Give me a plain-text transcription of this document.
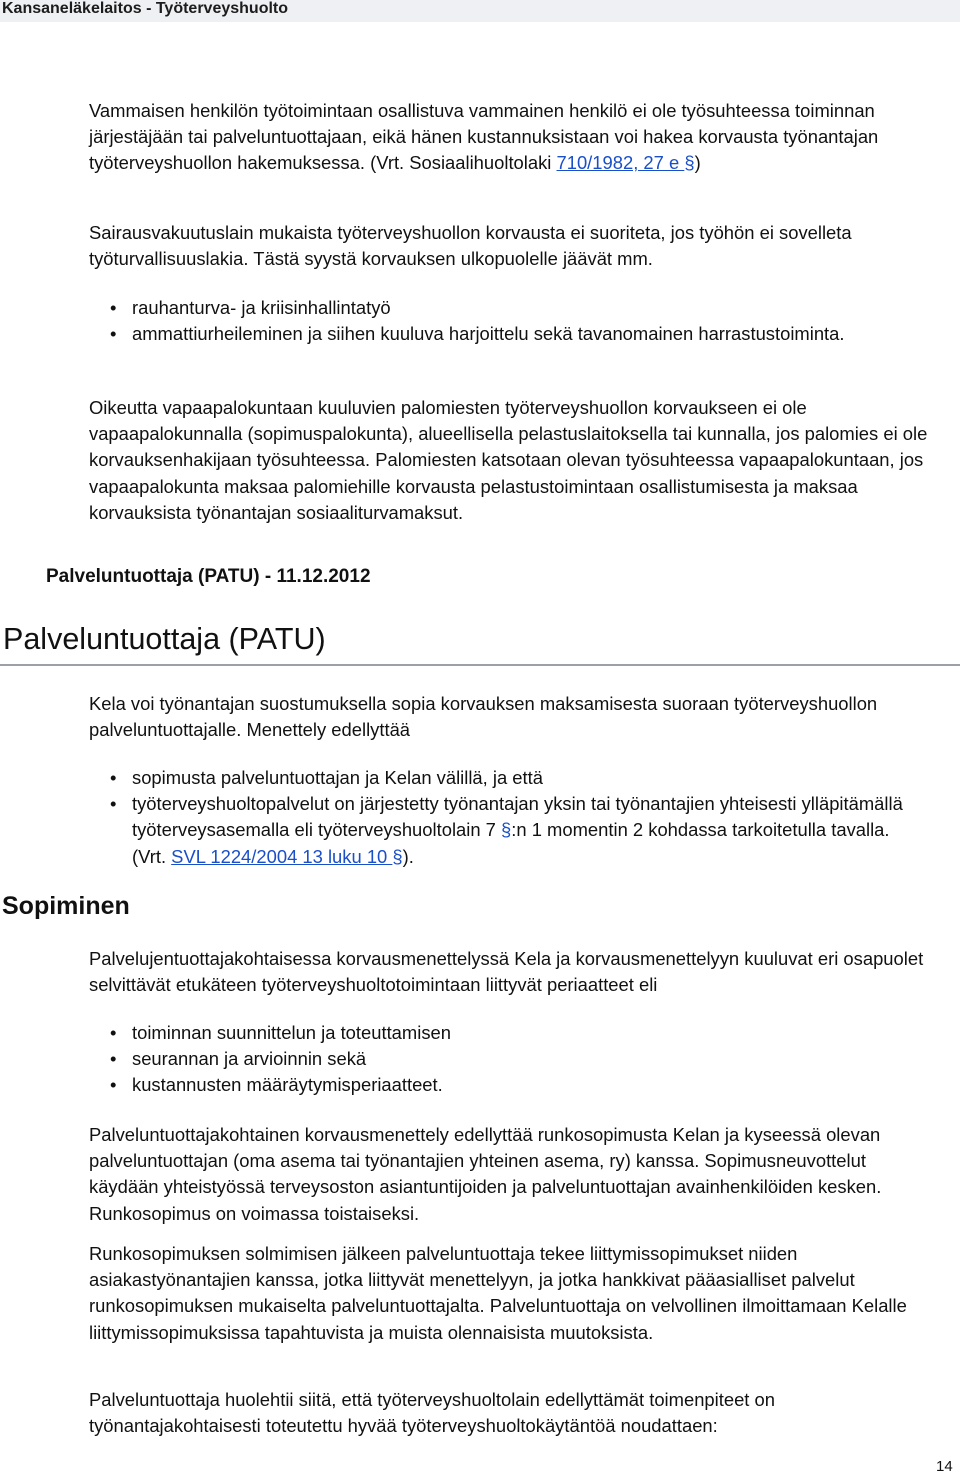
Kansaneläkelaitos - Työterveyshuolto

Vammaisen henkilön työtoimintaan osallistuva vammainen henkilö ei ole työsuhteessa toiminnan järjestäjään tai palveluntuottajaan, eikä hänen kustannuksistaan voi hakea korvausta työnantajan työterveyshuollon hakemuksessa. (Vrt. Sosiaalihuoltolaki 710/1982, 27 e §)

Sairausvakuutuslain mukaista työterveyshuollon korvausta ei suoriteta, jos työhön ei sovelleta työturvallisuuslakia. Tästä syystä korvauksen ulkopuolelle jäävät mm.

• rauhanturva- ja kriisinhallintatyö
• ammattiurheileminen ja siihen kuuluva harjoittelu sekä tavanomainen harrastustoiminta.

Oikeutta vapaapalokuntaan kuuluvien palomiesten työterveyshuollon korvaukseen ei ole vapaapalokunnalla (sopimuspalokunta), alueellisella pelastuslaitoksella tai kunnalla, jos palomies ei ole korvauksenhakijaan työsuhteessa. Palomiesten katsotaan olevan työsuhteessa vapaapalokuntaan, jos vapaapalokunta maksaa palomiehille korvausta pelastustoimintaan osallistumisesta ja maksaa korvauksista työnantajan sosiaaliturvamaksut.

Palveluntuottaja (PATU) - 11.12.2012
Palveluntuottaja (PATU)

Kela voi työnantajan suostumuksella sopia korvauksen maksamisesta suoraan työterveyshuollon palveluntuottajalle. Menettely edellyttää

• sopimusta palveluntuottajan ja Kelan välillä, ja että
• työterveyshuoltopalvelut on järjestetty työnantajan yksin tai työnantajien yhteisesti ylläpitämällä työterveysasemalla eli työterveyshuoltolain 7 §:n 1 momentin 2 kohdassa tarkoitetulla tavalla. (Vrt. SVL 1224/2004 13 luku 10 §).
Sopiminen

Palvelujentuottajakohtaisessa korvausmenettelyssä Kela ja korvausmenettelyyn kuuluvat eri osapuolet selvittävät etukäteen työterveyshuoltotoimintaan liittyvät periaatteet eli

• toiminnan suunnittelun ja toteuttamisen
• seurannan ja arvioinnin sekä
• kustannusten määräytymisperiaatteet.

Palveluntuottajakohtainen korvausmenettely edellyttää runkosopimusta Kelan ja kyseessä olevan palveluntuottajan (oma asema tai työnantajien yhteinen asema, ry) kanssa. Sopimusneuvottelut käydään yhteistyössä terveysoston asiantuntijoiden ja palveluntuottajan avainhenkilöiden kesken. Runkosopimus on voimassa toistaiseksi.

Runkosopimuksen solmimisen jälkeen palveluntuottaja tekee liittymissopimukset niiden asiakastyönantajien kanssa, jotka liittyvät menettelyyn, ja jotka hankkivat pääasialliset palvelut runkosopimuksen mukaiselta palveluntuottajalta. Palveluntuottaja on velvollinen ilmoittamaan Kelalle liittymissopimuksissa tapahtuvista ja muista olennaisista muutoksista.

Palveluntuottaja huolehtii siitä, että työterveyshuoltolain edellyttämät toimenpiteet on työnantajakohtaisesti toteutettu hyvää työterveyshuoltokäytäntöä noudattaen:

14
